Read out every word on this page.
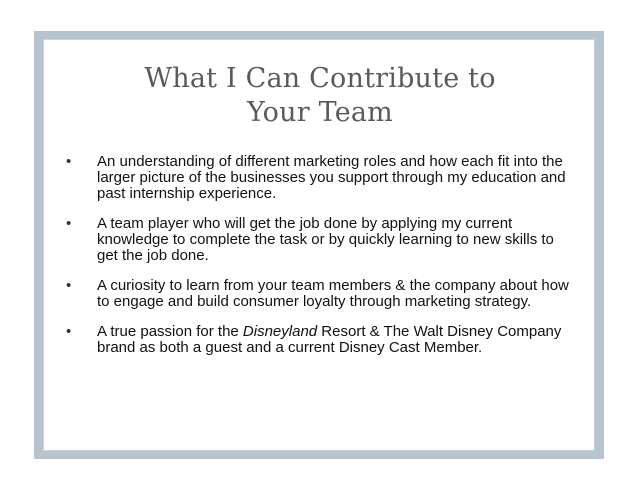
What I Can Contribute to
Your Team
• An understanding of different marketing roles and how each fit into the larger picture of the businesses you support through my education and past internship experience.
• A team player who will get the job done by applying my current knowledge to complete the task or by quickly learning to new skills to get the job done.
• A curiosity to learn from your team members & the company about how to engage and build consumer loyalty through marketing strategy.
• A true passion for the Disneyland Resort & The Walt Disney Company brand as both a guest and a current Disney Cast Member.
